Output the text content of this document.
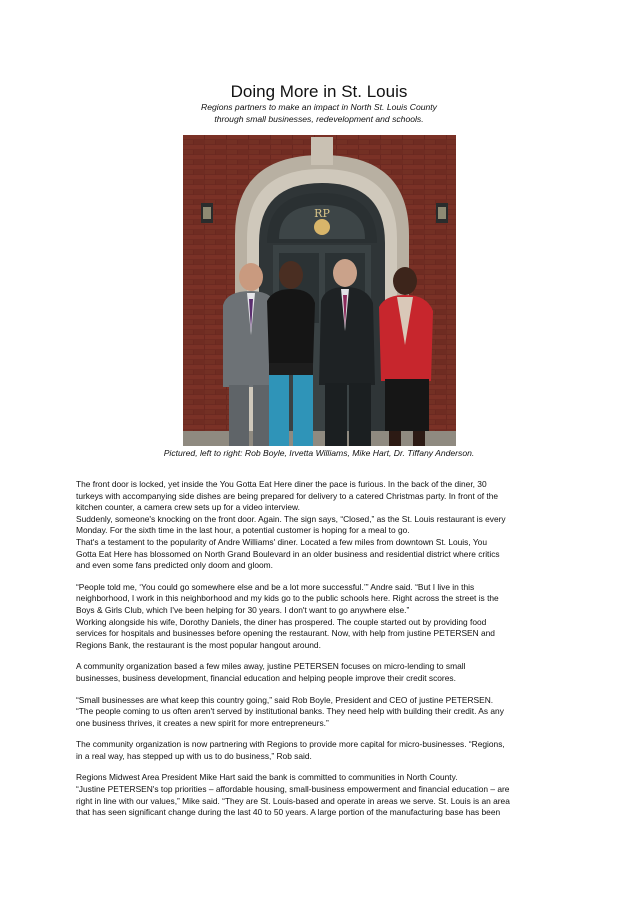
Doing More in St. Louis
Regions partners to make an impact in North St. Louis County
through small businesses, redevelopment and schools.
RP
Pictured, left to right: Rob Boyle, Irvetta Williams, Mike Hart, Dr. Tiffany Anderson.

The front door is locked, yet inside the You Gotta Eat Here diner the pace is furious. In the back of the diner, 30
turkeys with accompanying side dishes are being prepared for delivery to a catered Christmas party. In front of the
kitchen counter, a camera crew sets up for a video interview.
Suddenly, someone's knocking on the front door. Again. The sign says, “Closed,” as the St. Louis restaurant is every
Monday. For the sixth time in the last hour, a potential customer is hoping for a meal to go.
That's a testament to the popularity of Andre Williams' diner. Located a few miles from downtown St. Louis, You
Gotta Eat Here has blossomed on North Grand Boulevard in an older business and residential district where critics
and even some fans predicted only doom and gloom.

“People told me, ‘You could go somewhere else and be a lot more successful.’” Andre said. “But I live in this
neighborhood, I work in this neighborhood and my kids go to the public schools here. Right across the street is the
Boys & Girls Club, which I've been helping for 30 years. I don't want to go anywhere else.”
Working alongside his wife, Dorothy Daniels, the diner has prospered. The couple started out by providing food
services for hospitals and businesses before opening the restaurant. Now, with help from justine PETERSEN and
Regions Bank, the restaurant is the most popular hangout around.

A community organization based a few miles away, justine PETERSEN focuses on micro-lending to small
businesses, business development, financial education and helping people improve their credit scores.

“Small businesses are what keep this country going,” said Rob Boyle, President and CEO of justine PETERSEN.
“The people coming to us often aren't served by institutional banks. They need help with building their credit. As any
one business thrives, it creates a new spirit for more entrepreneurs.”

The community organization is now partnering with Regions to provide more capital for micro-businesses. “Regions,
in a real way, has stepped up with us to do business,” Rob said.

Regions Midwest Area President Mike Hart said the bank is committed to communities in North County.
“Justine PETERSEN's top priorities – affordable housing, small-business empowerment and financial education – are
right in line with our values,” Mike said. “They are St. Louis-based and operate in areas we serve. St. Louis is an area
that has seen significant change during the last 40 to 50 years. A large portion of the manufacturing base has been
